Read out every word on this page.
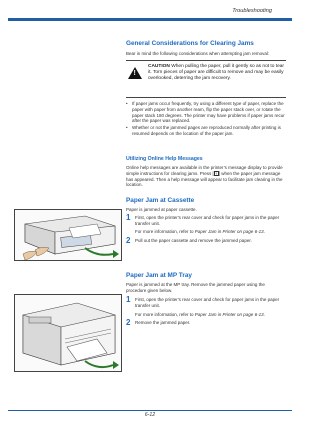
Troubleshooting
General Considerations for Clearing Jams
Bear in mind the following considerations when attempting jam removal:
!
CAUTION When pulling the paper, pull it gently so as not to tear it. Torn pieces of paper are difficult to remove and may be easily overlooked, deterring the jam recovery.
• If paper jams occur frequently, try using a different type of paper, replace the paper with paper from another ream, flip the paper stack over, or rotate the paper stack 180 degrees. The printer may have problems if paper jams recur after the paper was replaced.
• Whether or not the jammed pages are reproduced normally after printing is resumed depends on the location of the paper jam.
Utilizing Online Help Messages
Online help messages are available in the printer’s message display to provide simple instructions for clearing jams. Press [ ? ] when the paper jam message has appeared. Then a help message will appear to facilitate jam clearing in the location.
Paper Jam at Cassette
Paper is jammed at paper cassette.
1 First, open the printer's rear cover and check for paper jams in the paper transfer unit.
For more information, refer to Paper Jam in Printer on page 6-13.
2 Pull out the paper cassette and remove the jammed paper.
Paper Jam at MP Tray
Paper is jammed at the MP tray. Remove the jammed paper using the procedure given below.
1 First, open the printer's rear cover and check for paper jams in the paper transfer unit.
For more information, refer to Paper Jam in Printer on page 6-13.
2 Remove the jammed paper.
6-12
